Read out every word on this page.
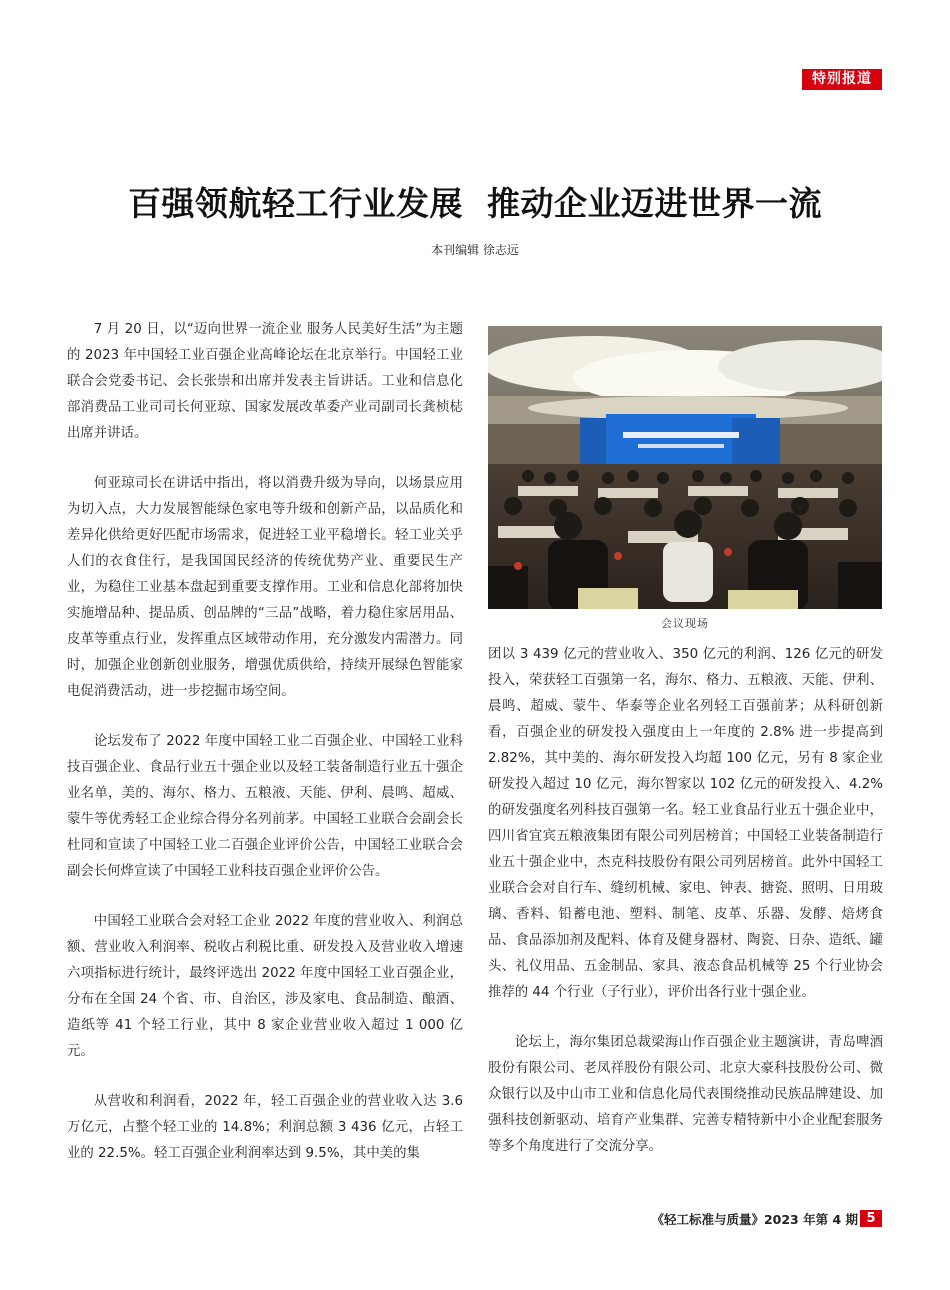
特别报道
百强领航轻工行业发展  推动企业迈进世界一流
本刊编辑 徐志远

7 月 20 日，以“迈向世界一流企业 服务人民美好生活”为主题的 2023 年中国轻工业百强企业高峰论坛在北京举行。中国轻工业联合会党委书记、会长张崇和出席并发表主旨讲话。工业和信息化部消费品工业司司长何亚琼、国家发展改革委产业司副司长龚桢梽出席并讲话。

何亚琼司长在讲话中指出，将以消费升级为导向，以场景应用为切入点，大力发展智能绿色家电等升级和创新产品，以品质化和差异化供给更好匹配市场需求，促进轻工业平稳增长。轻工业关乎人们的衣食住行，是我国国民经济的传统优势产业、重要民生产业，为稳住工业基本盘起到重要支撑作用。工业和信息化部将加快实施增品种、提品质、创品牌的“三品”战略，着力稳住家居用品、皮革等重点行业，发挥重点区域带动作用，充分激发内需潜力。同时，加强企业创新创业服务，增强优质供给，持续开展绿色智能家电促消费活动，进一步挖掘市场空间。

论坛发布了 2022 年度中国轻工业二百强企业、中国轻工业科技百强企业、食品行业五十强企业以及轻工装备制造行业五十强企业名单，美的、海尔、格力、五粮液、天能、伊利、晨鸣、超威、蒙牛等优秀轻工企业综合得分名列前茅。中国轻工业联合会副会长杜同和宣读了中国轻工业二百强企业评价公告，中国轻工业联合会副会长何烨宣读了中国轻工业科技百强企业评价公告。

中国轻工业联合会对轻工企业 2022 年度的营业收入、利润总额、营业收入利润率、税收占利税比重、研发投入及营业收入增速六项指标进行统计，最终评选出 2022 年度中国轻工业百强企业，分布在全国 24 个省、市、自治区，涉及家电、食品制造、酿酒、造纸等 41 个轻工行业，其中 8 家企业营业收入超过 1 000 亿元。

从营收和利润看，2022 年，轻工百强企业的营业收入达 3.6 万亿元，占整个轻工业的 14.8%；利润总额 3 436 亿元，占轻工业的 22.5%。轻工百强企业利润率达到 9.5%，其中美的集

会议现场

团以 3 439 亿元的营业收入、350 亿元的利润、126 亿元的研发投入，荣获轻工百强第一名，海尔、格力、五粮液、天能、伊利、晨鸣、超威、蒙牛、华泰等企业名列轻工百强前茅；从科研创新看，百强企业的研发投入强度由上一年度的 2.8% 进一步提高到 2.82%，其中美的、海尔研发投入均超 100 亿元，另有 8 家企业研发投入超过 10 亿元，海尔智家以 102 亿元的研发投入、4.2% 的研发强度名列科技百强第一名。轻工业食品行业五十强企业中，四川省宜宾五粮液集团有限公司列居榜首；中国轻工业装备制造行业五十强企业中，杰克科技股份有限公司列居榜首。此外中国轻工业联合会对自行车、缝纫机械、家电、钟表、搪瓷、照明、日用玻璃、香料、铅蓄电池、塑料、制笔、皮革、乐器、发酵、焙烤食品、食品添加剂及配料、体育及健身器材、陶瓷、日杂、造纸、罐头、礼仪用品、五金制品、家具、液态食品机械等 25 个行业协会推荐的 44 个行业（子行业），评价出各行业十强企业。

论坛上，海尔集团总裁梁海山作百强企业主题演讲，青岛啤酒股份有限公司、老凤祥股份有限公司、北京大豪科技股份公司、微众银行以及中山市工业和信息化局代表围绕推动民族品牌建设、加强科技创新驱动、培育产业集群、完善专精特新中小企业配套服务等多个角度进行了交流分享。

《轻工标准与质量》2023 年第 4 期 5
